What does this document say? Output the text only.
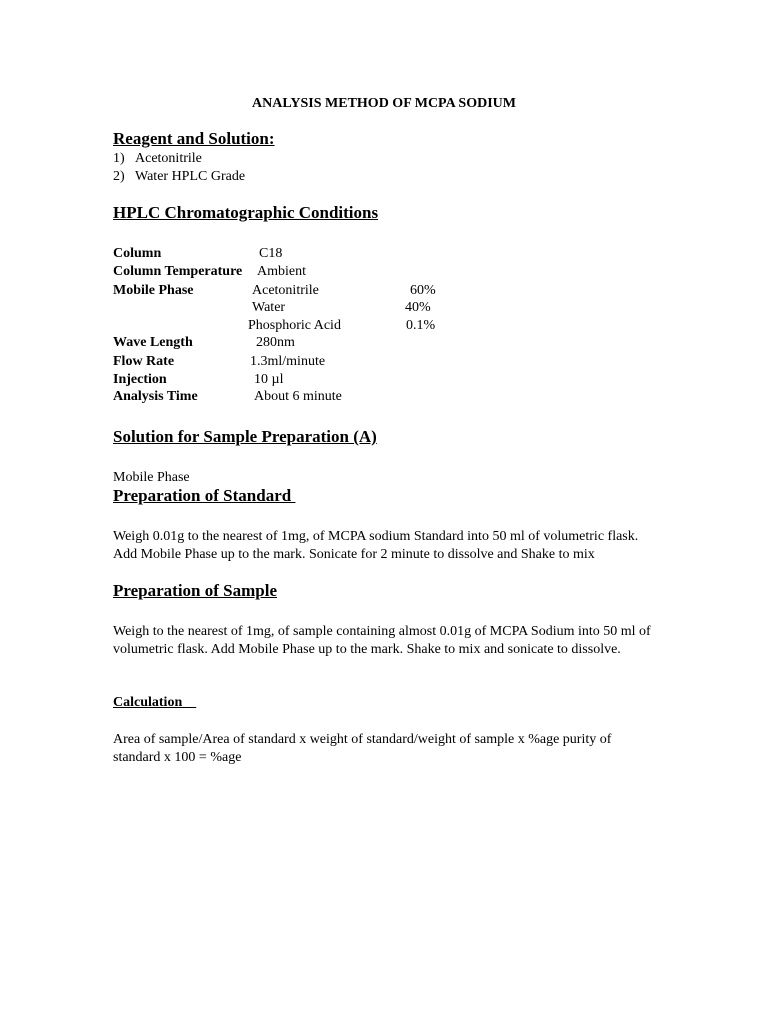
ANALYSIS METHOD OF MCPA SODIUM
Reagent and Solution:
1) Acetonitrile
2) Water HPLC Grade
HPLC Chromatographic Conditions
Column	C18
Column Temperature Ambient
Mobile Phase	Acetonitrile	60%
Water	40%
Phosphoric Acid	0.1%
Wave Length	280nm
Flow Rate	1.3ml/minute
Injection	10 µl
Analysis Time	About 6 minute
Solution for Sample Preparation (A)
Mobile Phase
Preparation of Standard
Weigh 0.01g to the nearest of 1mg, of MCPA sodium Standard into 50 ml of volumetric flask. Add Mobile Phase up to the mark. Sonicate for 2 minute to dissolve and Shake to mix
Preparation of Sample
Weigh to the nearest of 1mg, of sample containing almost 0.01g of MCPA Sodium into 50 ml of volumetric flask. Add Mobile Phase up to the mark. Shake to mix and sonicate to dissolve.
Calculation
Area of sample/Area of standard x weight of standard/weight of sample x %age purity of standard x 100 = %age
